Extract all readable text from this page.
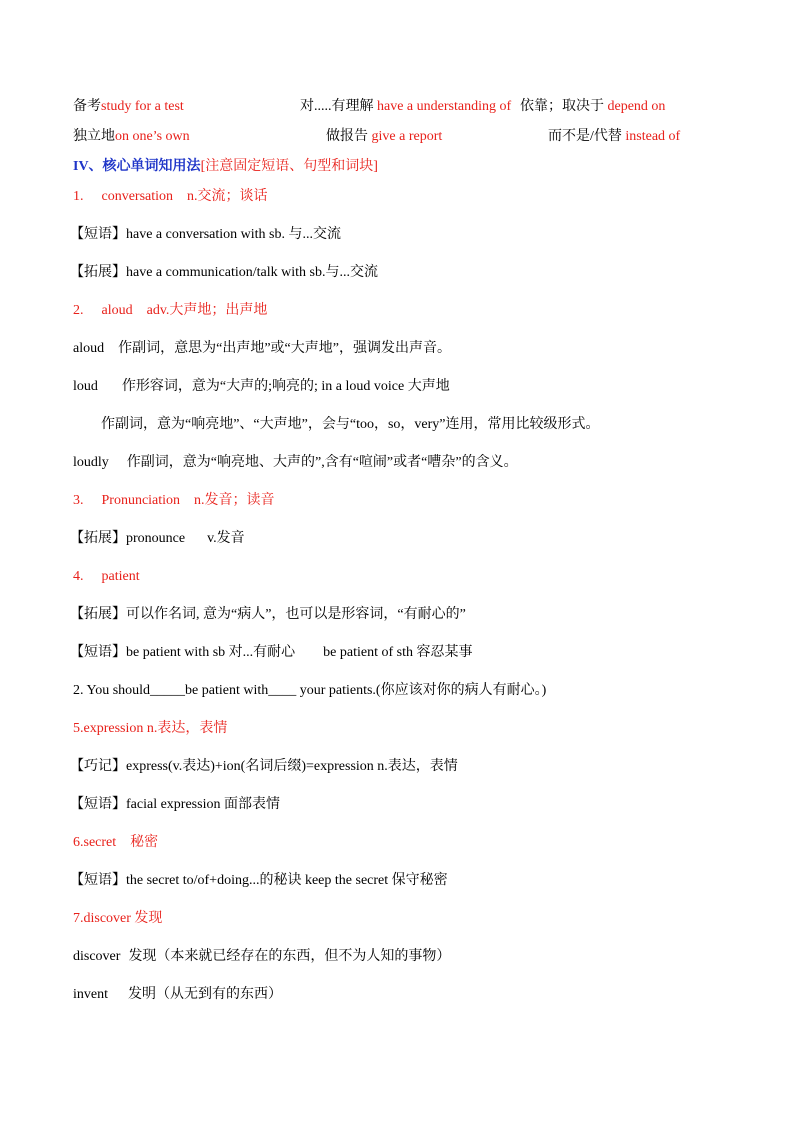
备考study for a test	对.....有理解 have a understanding of 依靠；取决于 depend on
独立地on one’s own	做报告 give a report	而不是/代替 instead of
IV、核心单词知用法[注意固定短语、句型和词块]
1. conversation n.交流；谈话
【短语】have a conversation with sb. 与...交流
【拓展】have a communication/talk with sb.与...交流
2. aloud adv.大声地；出声地
aloud 作副词，意思为“出声地”或“大声地”，强调发出声音。
loud 作形容词，意为“大声的;响亮的; in a loud voice 大声地
作副词，意为“响亮地”、“大声地”，会与“too，so，very”连用，常用比较级形式。
loudly 作副词，意为“响亮地、大声的”,含有“喧闹”或者“嘈杂”的含义。
3. Pronunciation n.发音；读音
【拓展】pronounce v.发音
4. patient
【拓展】可以作名词, 意为“病人”，也可以是形容词，“有耐心的”
【短语】be patient with sb 对...有耐心 be patient of sth 容忍某事
2. You should_____be patient with____ your patients.(你应该对你的病人有耐心。)
5.expression n.表达，表情
【巧记】express(v.表达)+ion(名词后缀)=expression n.表达，表情
【短语】facial expression 面部表情
6.secret 秘密
【短语】the secret to/of+doing...的秘诀 keep the secret 保守秘密
7.discover 发现
discover 发现（本来就已经存在的东西，但不为人知的事物）
invent 发明（从无到有的东西）
